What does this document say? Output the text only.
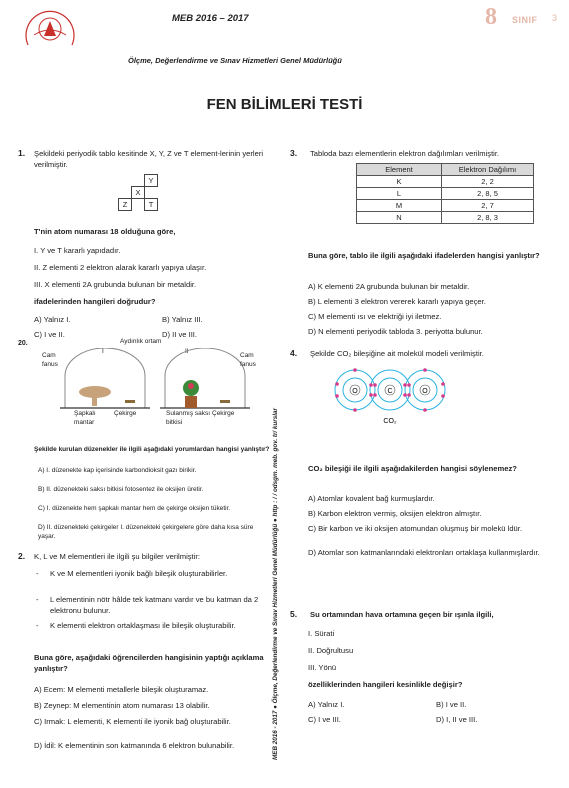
MEB 2016 – 2017	8 SINIF 3
Ölçme, Değerlendirme ve Sınav Hizmetleri Genel Müdürlüğü
FEN BİLİMLERİ TESTİ
MEB 2016 - 2017 ● Ölçme, Değerlendirme ve Sınav Hizmetleri Genel Müdürlüğü ● http : / / odsgm. meb. gov. tr/ kurslar
1. Şekildeki periyodik tablo kesitinde X, Y, Z ve T element-lerinin yerleri verilmiştir.
		Y
	X	
Z		T
T'nin atom numarası 18 olduğuna göre,
I. Y ve T kararlı yapıdadır.
II. Z elementi 2 elektron alarak kararlı yapıya ulaşır.
III. X elementi 2A grubunda bulunan bir metaldir.
ifadelerinden hangileri doğrudur?
A) Yalnız I.	B) Yalnız III.
C) I ve II.	D) II ve III.
20.	Aydınlık ortam
I	II
Cam fanus
Cam fanus
Şapkalı mantar
Çekirge	Sulanmış saksı bitkisi
Çekirge
Şekilde kurulan düzenekler ile ilgili aşağıdaki yorumlardan hangisi yanlıştır?
A) I. düzenekte kap içerisinde karbondioksit gazı birikir.
B) II. düzenekteki saksı bitkisi fotosentez ile oksijen üretir.
C) I. düzenekte hem şapkalı mantar hem de çekirge oksijen tüketir.
D) II. düzenekteki çekirgeler I. düzenekteki çekirgelere göre daha kısa süre yaşar.
2. K, L ve M elementleri ile ilgili şu bilgiler verilmiştir:
- K ve M elementleri iyonik bağlı bileşik oluşturabilirler.
- L elementinin nötr hâlde tek katmanı vardır ve bu katman da 2 elektronu bulunur.
- K elementi elektron ortaklaşması ile bileşik oluşturabilir.
Buna göre, aşağıdaki öğrencilerden hangisinin yaptığı açıklama yanlıştır?
A) Ecem: M elementi metallerle bileşik oluşturamaz.
B) Zeynep: M elementinin atom numarası 13 olabilir.
C) Irmak: L elementi, K elementi ile iyonik bağ oluşturabilir.
D) İdil: K elementinin son katmanında 6 elektron bulunabilir.
3. Tabloda bazı elementlerin elektron dağılımları verilmiştir.
Element	Elektron Dağılımı
K	2, 2
L	2, 8, 5
M	2, 7
N	2, 8, 3
Buna göre, tablo ile ilgili aşağıdaki ifadelerden hangisi yanlıştır?
A) K elementi 2A grubunda bulunan bir metaldir.
B) L elementi 3 elektron vererek kararlı yapıya geçer.
C) M elementi ısı ve elektriği iyi iletmez.
D) N elementi periyodik tabloda 3. periyotta bulunur.
4. Şekilde CO₂ bileşiğine ait molekül modeli verilmiştir.
O	C	O
CO₂
CO₂ bileşiği ile ilgili aşağıdakilerden hangisi söylenemez?
A) Atomlar kovalent bağ kurmuşlardır.
B) Karbon elektron vermiş, oksijen elektron almıştır.
C) Bir karbon ve iki oksijen atomundan oluşmuş bir molekü ldür.
D) Atomlar son katmanlarındaki elektronları ortaklaşa kullanmışlardır.
5. Su ortamından hava ortamına geçen bir ışınla ilgili,
I. Sürati
II. Doğrultusu
III. Yönü
özelliklerinden hangileri kesinlikle değişir?
A) Yalnız I.	B) I ve II.
C) I ve III.	D) I, II ve III.
